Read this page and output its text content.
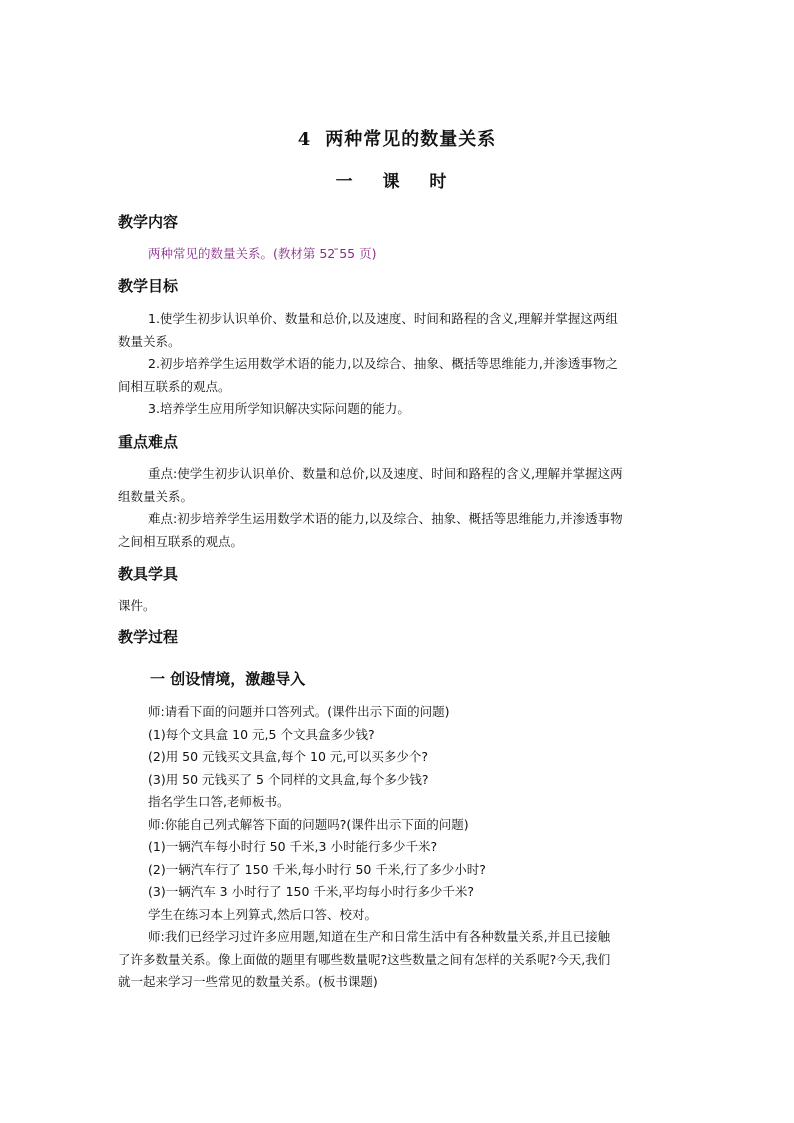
4 两种常见的数量关系
一 课 时
教学内容
两种常见的数量关系。(教材第 52 ̄55 页)
教学目标
1.使学生初步认识单价、数量和总价,以及速度、时间和路程的含义,理解并掌握这两组
数量关系。
2.初步培养学生运用数学术语的能力,以及综合、抽象、概括等思维能力,并渗透事物之
间相互联系的观点。
3.培养学生应用所学知识解决实际问题的能力。
重点难点
重点:使学生初步认识单价、数量和总价,以及速度、时间和路程的含义,理解并掌握这两
组数量关系。
难点:初步培养学生运用数学术语的能力,以及综合、抽象、概括等思维能力,并渗透事物
之间相互联系的观点。
教具学具
课件。
教学过程
一 创设情境，激趣导入
师:请看下面的问题并口答列式。(课件出示下面的问题)
(1)每个文具盒 10 元,5 个文具盒多少钱?
(2)用 50 元钱买文具盒,每个 10 元,可以买多少个?
(3)用 50 元钱买了 5 个同样的文具盒,每个多少钱?
指名学生口答,老师板书。
师:你能自己列式解答下面的问题吗?(课件出示下面的问题)
(1)一辆汽车每小时行 50 千米,3 小时能行多少千米?
(2)一辆汽车行了 150 千米,每小时行 50 千米,行了多少小时?
(3)一辆汽车 3 小时行了 150 千米,平均每小时行多少千米?
学生在练习本上列算式,然后口答、校对。
师:我们已经学习过许多应用题,知道在生产和日常生活中有各种数量关系,并且已接触
了许多数量关系。像上面做的题里有哪些数量呢?这些数量之间有怎样的关系呢?今天,我们
就一起来学习一些常见的数量关系。(板书课题)
